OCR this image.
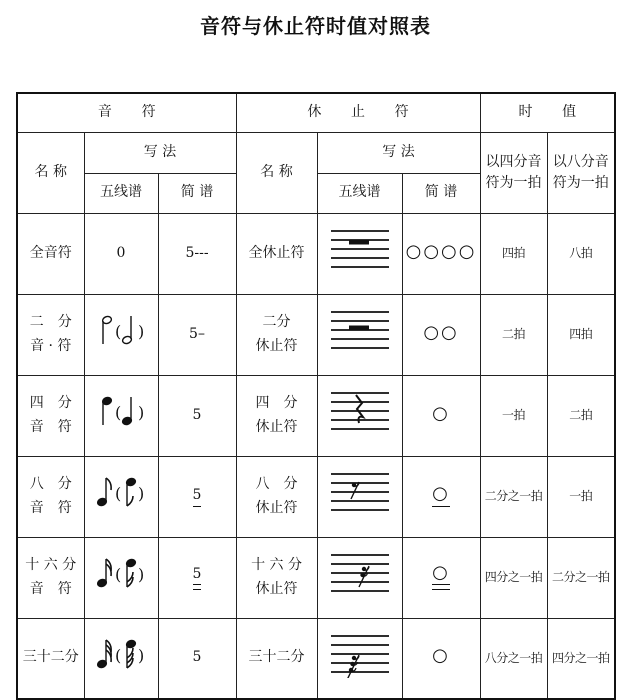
音符与休止符时值对照表
音 符			休 止 符			时 值	
名 称	写 法		名 称	写 法		以四分音符为一拍	以八分音符为一拍
	五线谱	简 谱		五线谱	简 谱		

全音符	0	5---	全休止符		○○○○	四拍	八拍

二　分
音 · 符	( )	5–	二分
休止符		○○	二拍	四拍

四　分
音　符	( )	5	四　分
休止符		○	一拍	二拍

八　分
音　符	( )	5	八　分
休止符		○	二分之一拍	一拍

十 六 分
音　符	( )	5	十 六 分
休止符		○	四分之一拍	二分之一拍

三十二分	( )	5	三十二分		○	八分之一拍	四分之一拍
